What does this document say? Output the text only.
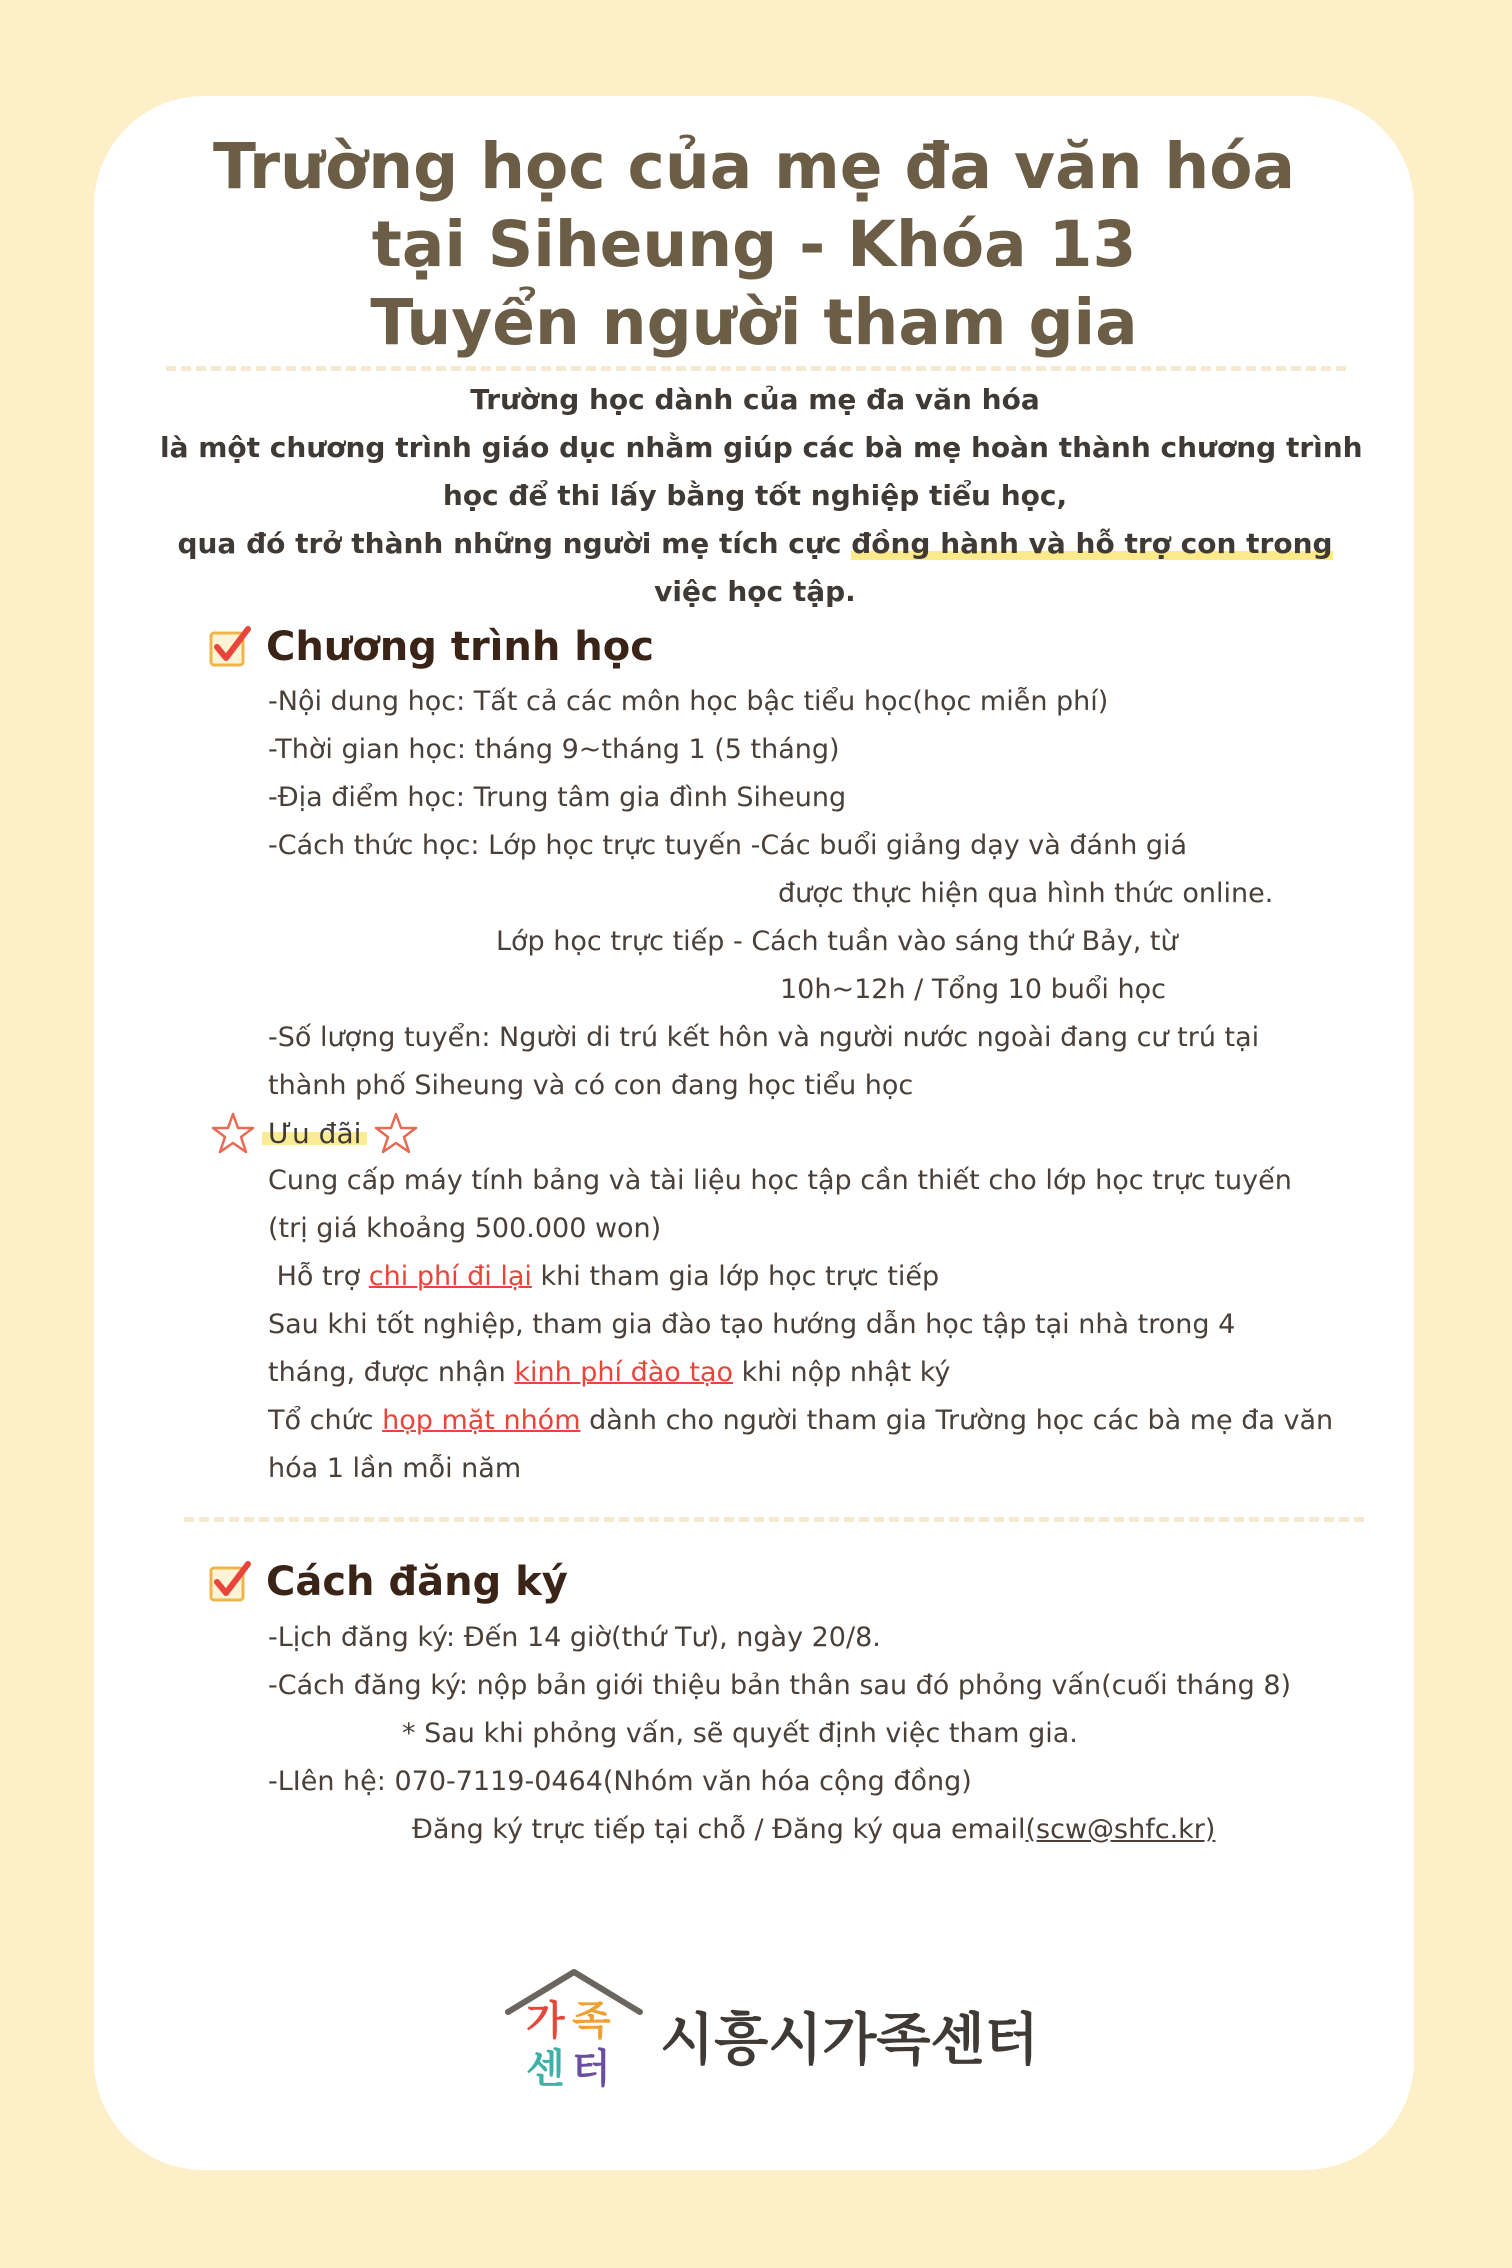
Trường học của mẹ đa văn hóa
tại Siheung - Khóa 13
Tuyển người tham gia
Trường học dành của mẹ đa văn hóa
là một chương trình giáo dục nhằm giúp các bà mẹ hoàn thành chương trình
học để thi lấy bằng tốt nghiệp tiểu học,
qua đó trở thành những người mẹ tích cực đồng hành và hỗ trợ con trong
việc học tập.
Chương trình học
-Nội dung học: Tất cả các môn học bậc tiểu học(học miễn phí)
-Thời gian học: tháng 9~tháng 1 (5 tháng)
-Địa điểm học: Trung tâm gia đình Siheung
-Cách thức học: Lớp học trực tuyến -Các buổi giảng dạy và đánh giá
được thực hiện qua hình thức online.
Lớp học trực tiếp - Cách tuần vào sáng thứ Bảy, từ
10h~12h / Tổng 10 buổi học
-Số lượng tuyển: Người di trú kết hôn và người nước ngoài đang cư trú tại
thành phố Siheung và có con đang học tiểu học
Ưu đãi
Cung cấp máy tính bảng và tài liệu học tập cần thiết cho lớp học trực tuyến
(trị giá khoảng 500.000 won)
Hỗ trợ chi phí đi lại khi tham gia lớp học trực tiếp
Sau khi tốt nghiệp, tham gia đào tạo hướng dẫn học tập tại nhà trong 4
tháng, được nhận kinh phí đào tạo khi nộp nhật ký
Tổ chức họp mặt nhóm dành cho người tham gia Trường học các bà mẹ đa văn
hóa 1 lần mỗi năm
Cách đăng ký
-Lịch đăng ký: Đến 14 giờ(thứ Tư), ngày 20/8.
-Cách đăng ký: nộp bản giới thiệu bản thân sau đó phỏng vấn(cuối tháng 8)
* Sau khi phỏng vấn, sẽ quyết định việc tham gia.
-LIên hệ: 070-7119-0464(Nhóm văn hóa cộng đồng)
Đăng ký trực tiếp tại chỗ / Đăng ký qua email(scw@shfc.kr)
가 족
센 터 시흥시가족센터
